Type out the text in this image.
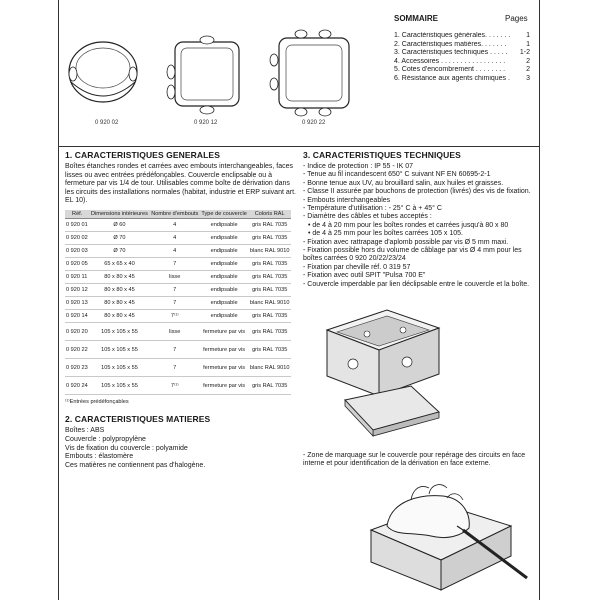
0 920 02	0 920 12	0 920 22
SOMMAIRE	Pages
1. Caractéristiques générales. . . . . . . 1
2. Caractéristiques matières. . . . . . .	1
3. Caractéristiques techniques . . . . . 1-2
4. Accessoires . . . . . . . . . . . . . . . . .	2
5. Cotes d'encombrement . . . . . . . .	2
6. Résistance aux agents chimiques . 3
1. CARACTERISTIQUES GENERALES

Boîtes étanches rondes et carrées avec embouts interchangeables, faces lisses ou avec entrées prédéfonçables. Couvercle enclipsable ou à fermeture par vis 1/4 de tour. Utilisables comme boîte de dérivation dans les circuits des installations normales (habitat, industrie et ERP suivant art. EL 10).

Réf.	Dimensions intérieures	Nombre d'embouts	Type de couvercle	Coloris RAL
0 920 01	Ø 60	4	endipsable	gris RAL 7035
0 920 02	Ø 70	4	endipsable	gris RAL 7035
0 920 03	Ø 70	4	endipsable	blanc RAL 9010
0 920 05	65 x 65 x 40	7	endipsable	gris RAL 7035
0 920 11	80 x 80 x 45	lisse	endipsable	gris RAL 7035
0 920 12	80 x 80 x 45	7	endipsable	gris RAL 7035
0 920 13	80 x 80 x 45	7	endipsable	blanc RAL 9010
0 920 14	80 x 80 x 45	7⁽¹⁾	endipsable	gris RAL 7035
0 920 20	105 x 105 x 55	lisse	fermeture par vis	gris RAL 7035
0 920 22	105 x 105 x 55	7	fermeture par vis	gris RAL 7035
0 920 23	105 x 105 x 55	7	fermeture par vis	blanc RAL 9010
0 920 24	105 x 105 x 55	7⁽¹⁾	fermeture par vis	gris RAL 7035
⁽¹⁾Entrées prédéfonçables
2. CARACTERISTIQUES MATIERES

Boîtes : ABS

Couvercle : polypropylène

Vis de fixation du couvercle : polyamide

Embouts : élastomère

Ces matières ne contiennent pas d'halogène.

3. CARACTERISTIQUES TECHNIQUES
- Indice de protection : IP 55 - IK 07
- Tenue au fil incandescent 650° C suivant NF EN 60695-2-1
- Bonne tenue aux UV, au brouillard salin, aux huiles et graisses.
- Classe II assurée par bouchons de protection (livrés) des vis de fixation.
- Embouts interchangeables
- Température d'utilisation : - 25° C à + 45° C
- Diamètre des câbles et tubes acceptés :
• de 4 à 20 mm pour les boîtes rondes et carrées jusqu'à 80 x 80
• de 4 à 25 mm pour les boîtes carrées 105 x 105.
- Fixation avec rattrapage d'aplomb possible par vis Ø 5 mm maxi.
- Fixation possible hors du volume de câblage par vis Ø 4 mm pour les boîtes carrées 0 920 20/22/23/24
- Fixation par cheville réf. 0 319 57
- Fixation avec outil SPIT "Pulsa 700 E"
- Couvercle imperdable par lien déclipsable entre le couvercle et la boîte.
- Zone de marquage sur le couvercle pour repérage des circuits en face interne et pour identification de la dérivation en face externe.
